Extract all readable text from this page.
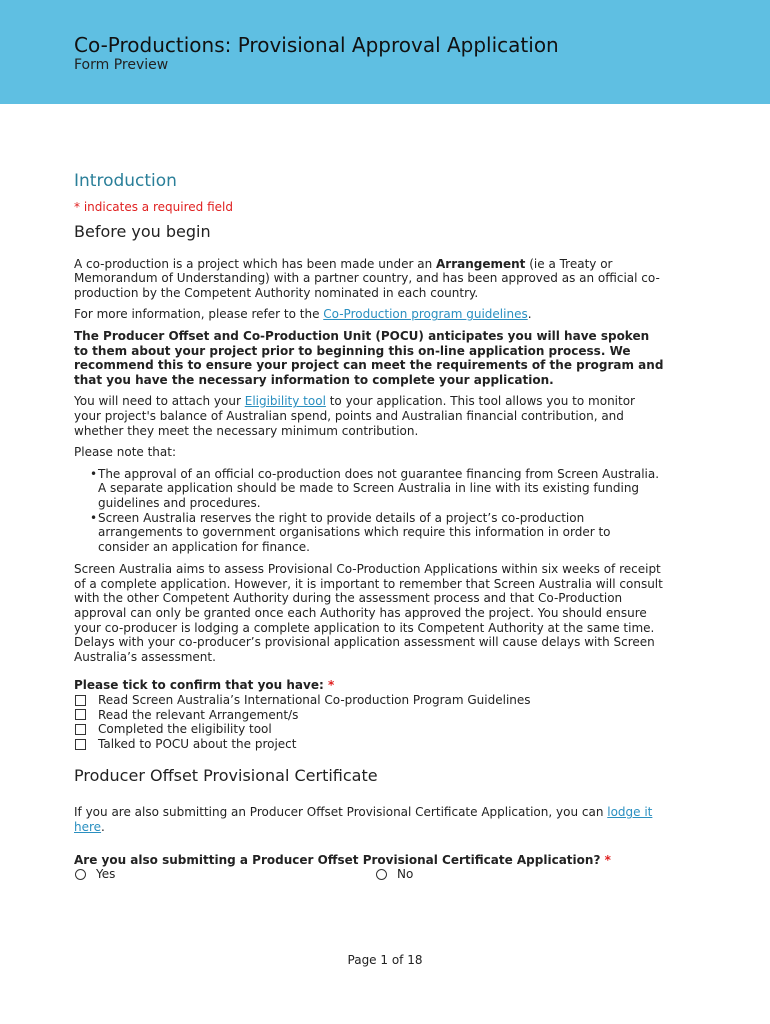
Co-Productions: Provisional Approval Application
Form Preview
Introduction
* indicates a required field
Before you begin

A co-production is a project which has been made under an Arrangement (ie a Treaty or Memorandum of Understanding) with a partner country, and has been approved as an official co-production by the Competent Authority nominated in each country.

For more information, please refer to the Co-Production program guidelines.

The Producer Offset and Co-Production Unit (POCU) anticipates you will have spoken to them about your project prior to beginning this on-line application process. We recommend this to ensure your project can meet the requirements of the program and that you have the necessary information to complete your application.

You will need to attach your Eligibility tool to your application. This tool allows you to monitor your project's balance of Australian spend, points and Australian financial contribution, and whether they meet the necessary minimum contribution.

Please note that:

• The approval of an official co-production does not guarantee financing from Screen Australia. A separate application should be made to Screen Australia in line with its existing funding guidelines and procedures.
• Screen Australia reserves the right to provide details of a project’s co-production arrangements to government organisations which require this information in order to consider an application for finance.

Screen Australia aims to assess Provisional Co-Production Applications within six weeks of receipt of a complete application. However, it is important to remember that Screen Australia will consult with the other Competent Authority during the assessment process and that Co-Production approval can only be granted once each Authority has approved the project. You should ensure your co-producer is lodging a complete application to its Competent Authority at the same time. Delays with your co-producer’s provisional application assessment will cause delays with Screen Australia’s assessment.

Please tick to confirm that you have: *
Read Screen Australia’s International Co-production Program Guidelines
Read the relevant Arrangement/s
Completed the eligibility tool
Talked to POCU about the project
Producer Offset Provisional Certificate

If you are also submitting an Producer Offset Provisional Certificate Application, you can lodge it here.

Are you also submitting a Producer Offset Provisional Certificate Application? *
Yes	No
Page 1 of 18
